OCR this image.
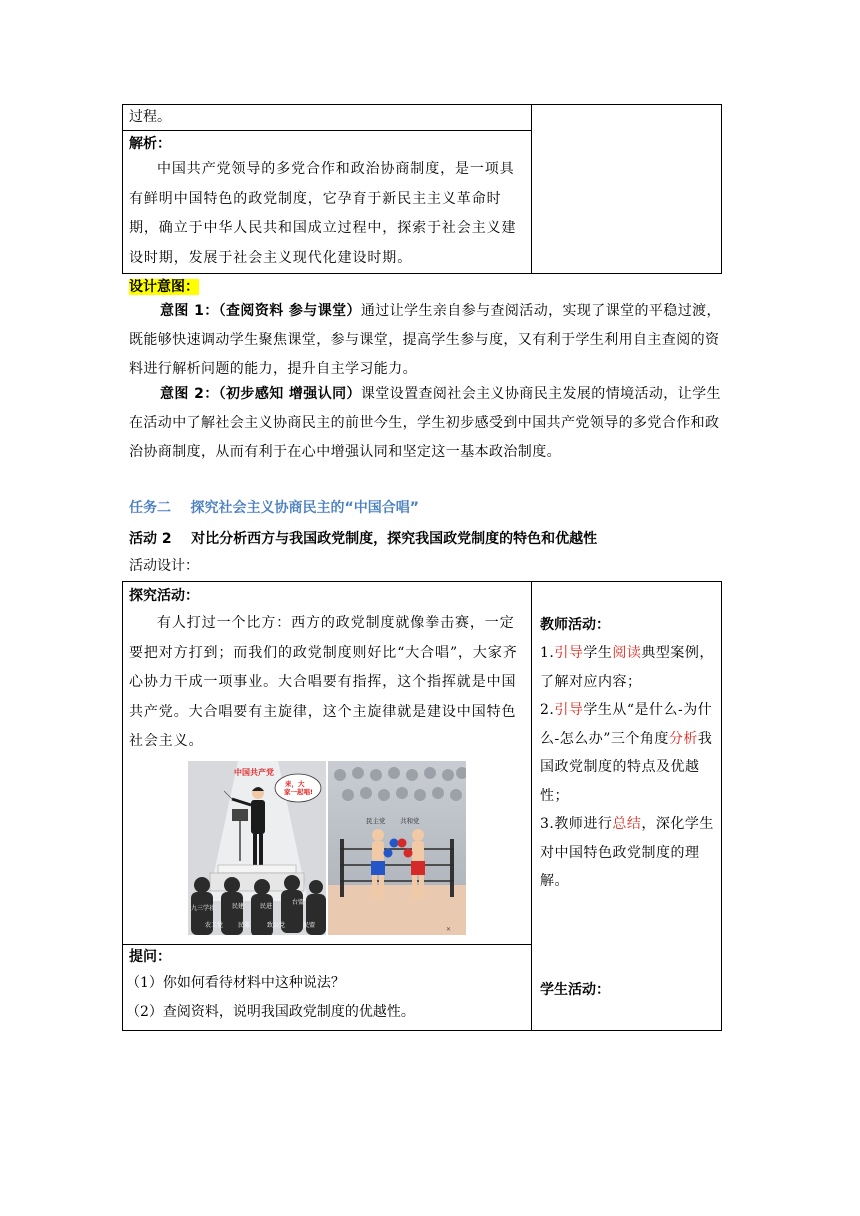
过程。

解析：

中国共产党领导的多党合作和政治协商制度，是一项具有鲜明中国特色的政党制度，它孕育于新民主主义革命时期，确立于中华人民共和国成立过程中，探索于社会主义建设时期，发展于社会主义现代化建设时期。

设计意图：

意图 1：（查阅资料 参与课堂）通过让学生亲自参与查阅活动，实现了课堂的平稳过渡，既能够快速调动学生聚焦课堂，参与课堂，提高学生参与度，又有利于学生利用自主查阅的资料进行解析问题的能力，提升自主学习能力。

意图 2：（初步感知 增强认同）课堂设置查阅社会主义协商民主发展的情境活动，让学生在活动中了解社会主义协商民主的前世今生，学生初步感受到中国共产党领导的多党合作和政治协商制度，从而有利于在心中增强认同和坚定这一基本政治制度。

任务二    探究社会主义协商民主的“中国合唱”

活动 2    对比分析西方与我国政党制度，探究我国政党制度的特色和优越性

活动设计：

探究活动：

有人打过一个比方：西方的政党制度就像拳击赛，一定要把对方打到；而我们的政党制度则好比“大合唱”，大家齐心协力干成一项事业。大合唱要有指挥，这个指挥就是中国共产党。大合唱要有主旋律，这个主旋律就是建设中国特色社会主义。

中国共产党
来，大
家一起唱!
九三学社	民建	民进
台盟
农工党 民革	致公党	民盟
民主党 共和党
✕

提问：

（1）你如何看待材料中这种说法？

（2）查阅资料，说明我国政党制度的优越性。

教师活动：

1.引导学生阅读典型案例，了解对应内容；

2.引导学生从“是什么-为什么-怎么办”三个角度分析我国政党制度的特点及优越性；

3.教师进行总结，深化学生对中国特色政党制度的理解。

学生活动：
